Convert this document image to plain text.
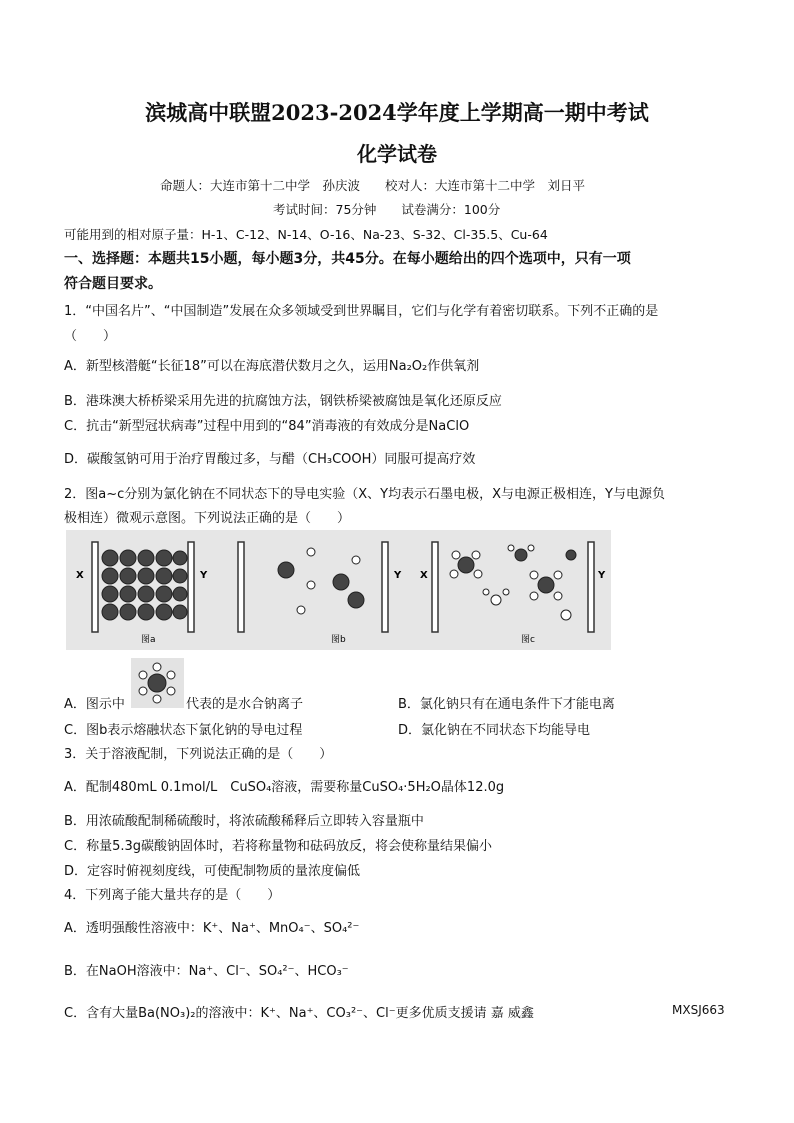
滨城高中联盟2023-2024学年度上学期高一期中考试
化学试卷
命题人：大连市第十二中学　孙庆波　　校对人：大连市第十二中学　刘日平
考试时间：75分钟　　试卷满分：100分
可能用到的相对原子量：H-1、C-12、N-14、O-16、Na-23、S-32、Cl-35.5、Cu-64
一、选择题：本题共15小题，每小题3分，共45分。在每小题给出的四个选项中，只有一项
符合题目要求。
1．“中国名片”、“中国制造”发展在众多领域受到世界瞩目，它们与化学有着密切联系。下列不正确的是
（　　）
A．新型核潜艇“长征18”可以在海底潜伏数月之久，运用Na₂O₂作供氧剂
B．港珠澳大桥桥梁采用先进的抗腐蚀方法，钢铁桥梁被腐蚀是氧化还原反应
C．抗击“新型冠状病毒”过程中用到的“84”消毒液的有效成分是NaClO
D．碳酸氢钠可用于治疗胃酸过多，与醋（CH₃COOH）同服可提高疗效
2．图a~c分别为氯化钠在不同状态下的导电实验（X、Y均表示石墨电极，X与电源正极相连，Y与电源负
极相连）微观示意图。下列说法正确的是（　　）
X	Y
图a
Y
图b
X	Y
图c
A．图示中	代表的是水合钠离子	B．氯化钠只有在通电条件下才能电离
C．图b表示熔融状态下氯化钠的导电过程	D．氯化钠在不同状态下均能导电
3．关于溶液配制，下列说法正确的是（　　）
A．配制480mL 0.1mol/L　CuSO₄溶液，需要称量CuSO₄·5H₂O晶体12.0g
B．用浓硫酸配制稀硫酸时，将浓硫酸稀释后立即转入容量瓶中
C．称量5.3g碳酸钠固体时，若将称量物和砝码放反，将会使称量结果偏小
D．定容时俯视刻度线，可使配制物质的量浓度偏低
4．下列离子能大量共存的是（　　）
A．透明强酸性溶液中：K⁺、Na⁺、MnO₄⁻、SO₄²⁻
B．在NaOH溶液中：Na⁺、Cl⁻、SO₄²⁻、HCO₃⁻
C．含有大量Ba(NO₃)₂的溶液中：K⁺、Na⁺、CO₃²⁻、Cl⁻更多优质支援请 嘉 威鑫	MXSJ663
